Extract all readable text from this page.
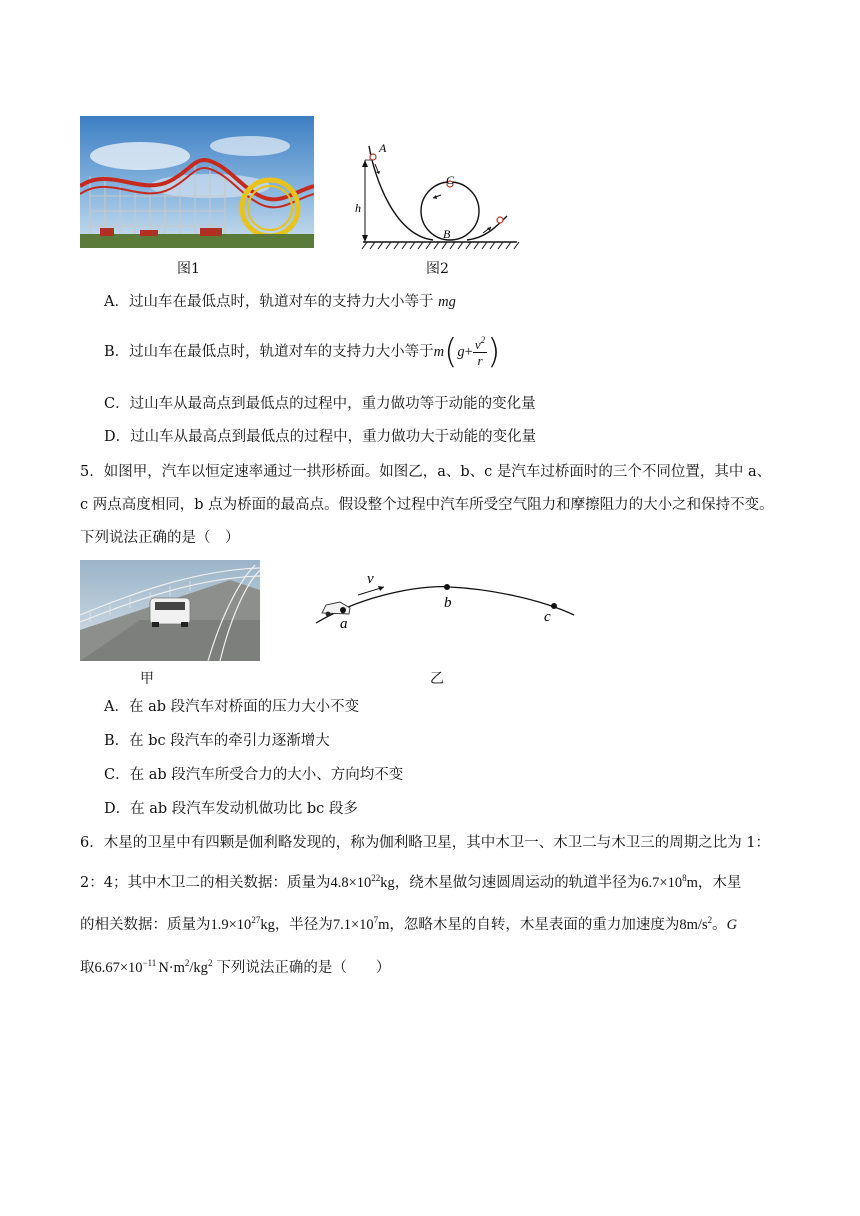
图1
A
C
h
B
图2
A．过山车在最低点时，轨道对车的支持力大小等于 mg
B．过山车在最低点时，轨道对车的支持力大小等于$m(g+ \frac{v^2}{r}$ )
C．过山车从最高点到最低点的过程中，重力做功等于动能的变化量
D．过山车从最高点到最低点的过程中，重力做功大于动能的变化量
5．如图甲，汽车以恒定速率通过一拱形桥面。如图乙，a、b、c 是汽车过桥面时的三个不同位置，其中 a、
c 两点高度相同，b 点为桥面的最高点。假设整个过程中汽车所受空气阻力和摩擦阻力的大小之和保持不变。
下列说法正确的是（　）
甲
v
a
b
c
乙
A．在 ab 段汽车对桥面的压力大小不变
B．在 bc 段汽车的牵引力逐渐增大
C．在 ab 段汽车所受合力的大小、方向均不变
D．在 ab 段汽车发动机做功比 bc 段多
6．木星的卫星中有四颗是伽利略发现的，称为伽利略卫星，其中木卫一、木卫二与木卫三的周期之比为 1：
2：4；其中木卫二的相关数据：质量为$4.8\times 10^{22}kg$，绕木星做匀速圆周运动的轨道半径为$6.7\times 10^8m$，木星
的相关数据：质量为$1.9\times 10^{27}kg$，半径为$7.1\times 10^7m$，忽略木星的自转，木星表面的重力加速度为$8m/s^2$。G
取$6.67\times 10^{-11}$ $N\cdot m^2/kg^2$ 下列说法正确的是（　　）
